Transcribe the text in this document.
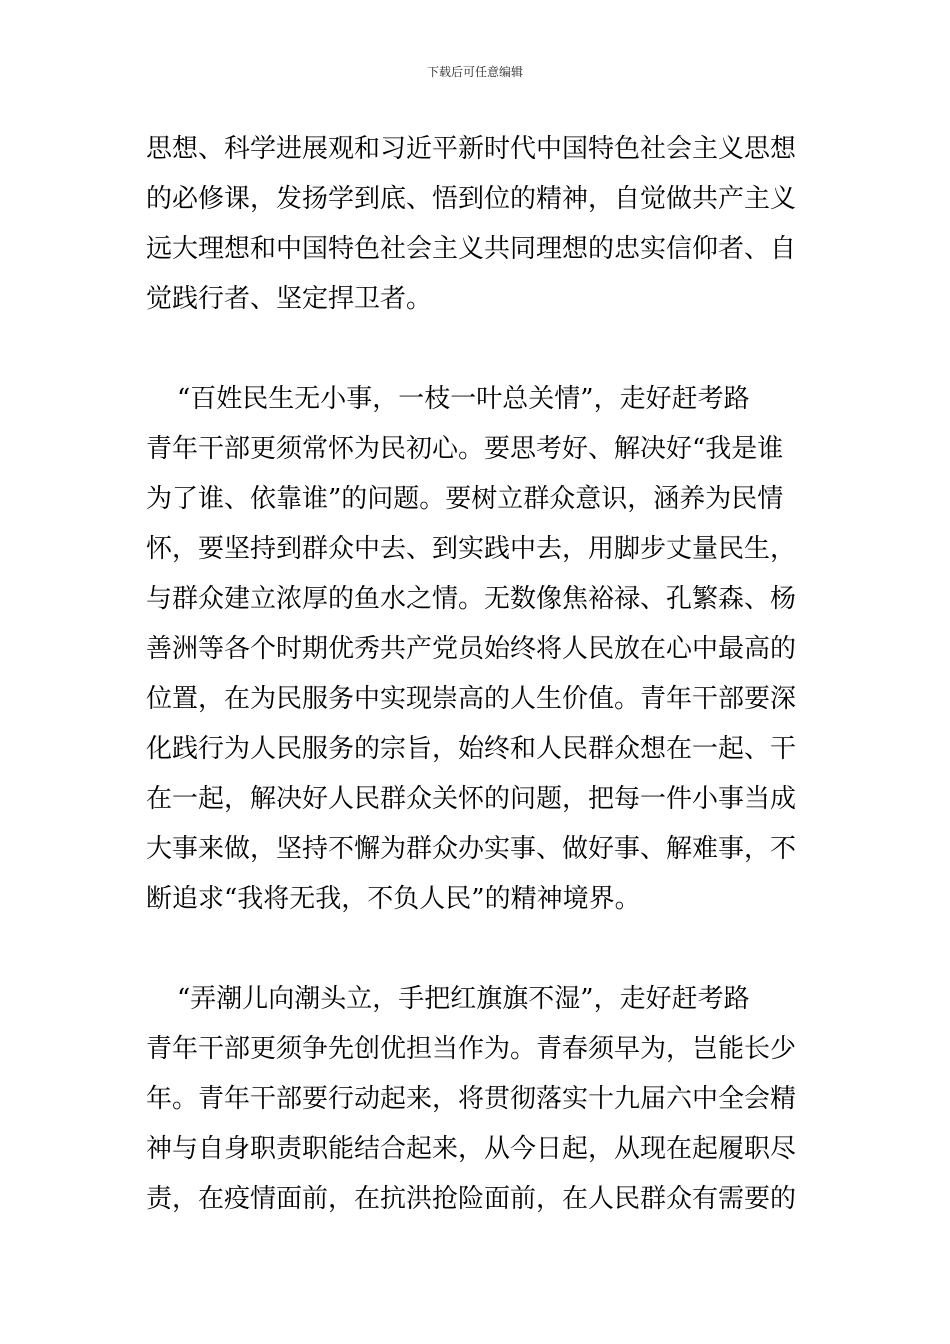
下载后可任意编辑
思想、科学进展观和习近平新时代中国特色社会主义思想
的必修课，发扬学到底、悟到位的精神，自觉做共产主义
远大理想和中国特色社会主义共同理想的忠实信仰者、自
觉践行者、坚定捍卫者。
“百姓民生无小事，一枝一叶总关情”，走好赶考路
青年干部更须常怀为民初心。要思考好、解决好“我是谁
为了谁、依靠谁”的问题。要树立群众意识，涵养为民情
怀，要坚持到群众中去、到实践中去，用脚步丈量民生，
与群众建立浓厚的鱼水之情。无数像焦裕禄、孔繁森、杨
善洲等各个时期优秀共产党员始终将人民放在心中最高的
位置，在为民服务中实现崇高的人生价值。青年干部要深
化践行为人民服务的宗旨，始终和人民群众想在一起、干
在一起，解决好人民群众关怀的问题，把每一件小事当成
大事来做，坚持不懈为群众办实事、做好事、解难事，不
断追求“我将无我，不负人民”的精神境界。
“弄潮儿向潮头立，手把红旗旗不湿”，走好赶考路
青年干部更须争先创优担当作为。青春须早为，岂能长少
年。青年干部要行动起来，将贯彻落实十九届六中全会精
神与自身职责职能结合起来，从今日起，从现在起履职尽
责，在疫情面前，在抗洪抢险面前，在人民群众有需要的
